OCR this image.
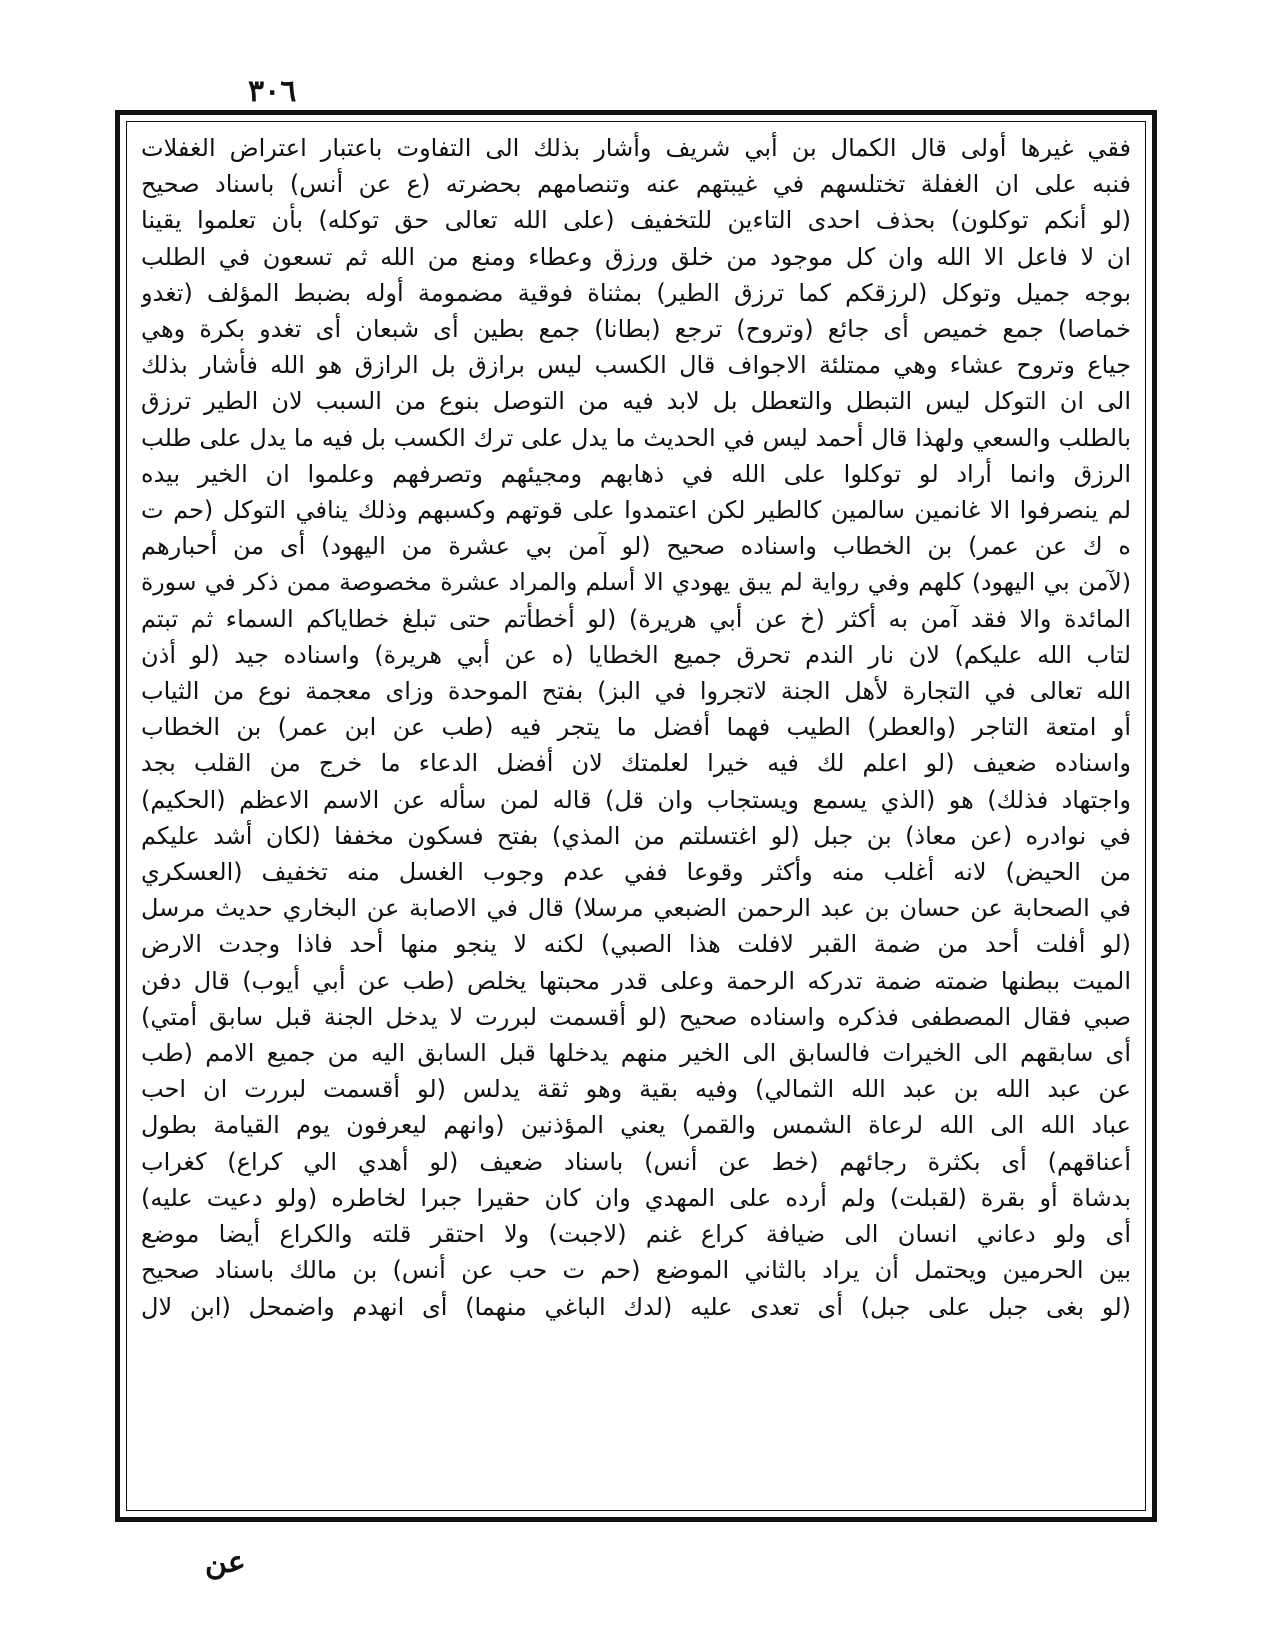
٣٠٦
فقي غيرها أولى قال الكمال بن أبي شريف وأشار بذلك الى التفاوت باعتبار اعتراض الغفلات
فنبه على ان الغفلة تختلسهم في غيبتهم عنه وتنصامهم بحضرته (ع عن أنس) باسناد صحيح
(لو أنكم توكلون) بحذف احدى التاءين للتخفيف (على الله تعالى حق توكله) بأن تعلموا يقينا
ان لا فاعل الا الله وان كل موجود من خلق ورزق وعطاء ومنع من الله ثم تسعون في الطلب
بوجه جميل وتوكل (لرزقكم كما ترزق الطير) بمثناة فوقية مضمومة أوله بضبط المؤلف (تغدو
خماصا) جمع خميص أى جائع (وتروح) ترجع (بطانا) جمع بطين أى شبعان أى تغدو بكرة وهي
جياع وتروح عشاء وهي ممتلئة الاجواف قال الكسب ليس برازق بل الرازق هو الله فأشار بذلك
الى ان التوكل ليس التبطل والتعطل بل لابد فيه من التوصل بنوع من السبب لان الطير ترزق
بالطلب والسعي ولهذا قال أحمد ليس في الحديث ما يدل على ترك الكسب بل فيه ما يدل على طلب
الرزق وانما أراد لو توكلوا على الله في ذهابهم ومجيئهم وتصرفهم وعلموا ان الخير بيده
لم ينصرفوا الا غانمين سالمين كالطير لكن اعتمدوا على قوتهم وكسبهم وذلك ينافي التوكل (حم ت
ه ك عن عمر) بن الخطاب واسناده صحيح (لو آمن بي عشرة من اليهود) أى من أحبارهم
(لآمن بي اليهود) كلهم وفي رواية لم يبق يهودي الا أسلم والمراد عشرة مخصوصة ممن ذكر في سورة
المائدة والا فقد آمن به أكثر (خ عن أبي هريرة) (لو أخطأتم حتى تبلغ خطاياكم السماء ثم تبتم
لتاب الله عليكم) لان نار الندم تحرق جميع الخطايا (ه عن أبي هريرة) واسناده جيد (لو أذن
الله تعالى في التجارة لأهل الجنة لاتجروا في البز) بفتح الموحدة وزاى معجمة نوع من الثياب
أو امتعة التاجر (والعطر) الطيب فهما أفضل ما يتجر فيه (طب عن ابن عمر) بن الخطاب
واسناده ضعيف (لو اعلم لك فيه خيرا لعلمتك لان أفضل الدعاء ما خرج من القلب بجد
واجتهاد فذلك) هو (الذي يسمع ويستجاب وان قل) قاله لمن سأله عن الاسم الاعظم (الحكيم)
في نوادره (عن معاذ) بن جبل (لو اغتسلتم من المذي) بفتح فسكون مخففا (لكان أشد عليكم
من الحيض) لانه أغلب منه وأكثر وقوعا ففي عدم وجوب الغسل منه تخفيف (العسكري
في الصحابة عن حسان بن عبد الرحمن الضبعي مرسلا) قال في الاصابة عن البخاري حديث مرسل
(لو أفلت أحد من ضمة القبر لافلت هذا الصبي) لكنه لا ينجو منها أحد فاذا وجدت الارض
الميت ببطنها ضمته ضمة تدركه الرحمة وعلى قدر محبتها يخلص (طب عن أبي أيوب) قال دفن
صبي فقال المصطفى فذكره واسناده صحيح (لو أقسمت لبررت لا يدخل الجنة قبل سابق أمتي)
أى سابقهم الى الخيرات فالسابق الى الخير منهم يدخلها قبل السابق اليه من جميع الامم (طب
عن عبد الله بن عبد الله الثمالي) وفيه بقية وهو ثقة يدلس (لو أقسمت لبررت ان احب
عباد الله الى الله لرعاة الشمس والقمر) يعني المؤذنين (وانهم ليعرفون يوم القيامة بطول
أعناقهم) أى بكثرة رجائهم (خط عن أنس) باسناد ضعيف (لو أهدي الي كراع) كغراب
بدشاة أو بقرة (لقبلت) ولم أرده على المهدي وان كان حقيرا جبرا لخاطره (ولو دعيت عليه)
أى ولو دعاني انسان الى ضيافة كراع غنم (لاجبت) ولا احتقر قلته والكراع أيضا موضع
بين الحرمين ويحتمل أن يراد بالثاني الموضع (حم ت حب عن أنس) بن مالك باسناد صحيح
(لو بغى جبل على جبل) أى تعدى عليه (لدك الباغي منهما) أى انهدم واضمحل (ابن لال
عن
